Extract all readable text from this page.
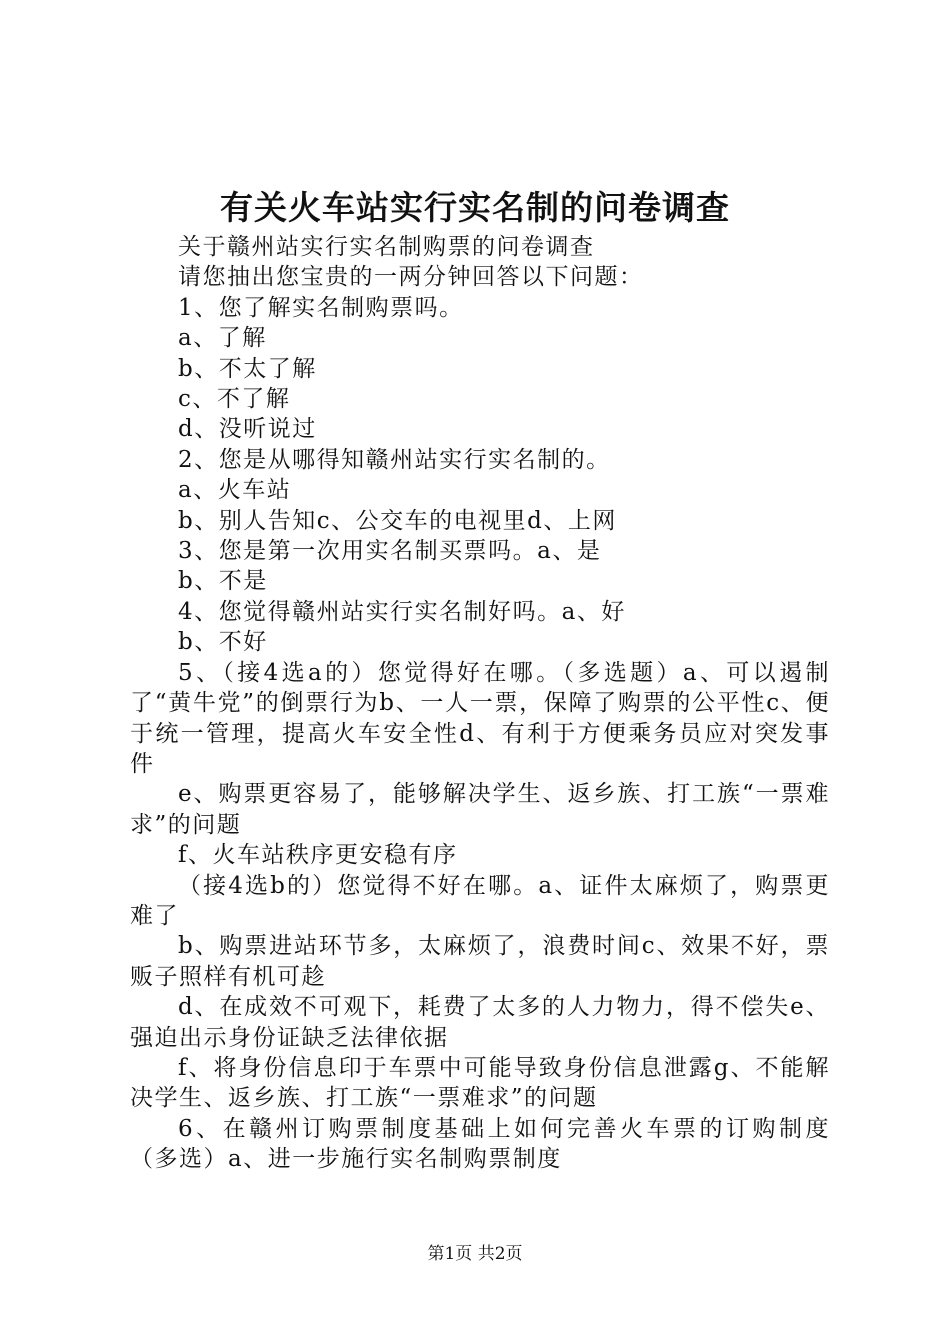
有关火车站实行实名制的问卷调查
关于赣州站实行实名制购票的问卷调查
请您抽出您宝贵的一两分钟回答以下问题：
1、您了解实名制购票吗。
a、了解
b、不太了解
c、不了解
d、没听说过
2、您是从哪得知赣州站实行实名制的。
a、火车站
b、别人告知c、公交车的电视里d、上网
3、您是第一次用实名制买票吗。a、是
b、不是
4、您觉得赣州站实行实名制好吗。a、好
b、不好
5、（接4选a的）您觉得好在哪。（多选题）a、可以遏制了“黄牛党”的倒票行为b、一人一票，保障了购票的公平性c、便于统一管理，提高火车安全性d、有利于方便乘务员应对突发事件
e、购票更容易了，能够解决学生、返乡族、打工族“一票难求”的问题
f、火车站秩序更安稳有序
（接4选b的）您觉得不好在哪。a、证件太麻烦了，购票更难了
b、购票进站环节多，太麻烦了，浪费时间c、效果不好，票贩子照样有机可趁
d、在成效不可观下，耗费了太多的人力物力，得不偿失e、强迫出示身份证缺乏法律依据
f、将身份信息印于车票中可能导致身份信息泄露g、不能解决学生、返乡族、打工族“一票难求”的问题
6、在赣州订购票制度基础上如何完善火车票的订购制度（多选）a、进一步施行实名制购票制度
第1页 共2页
